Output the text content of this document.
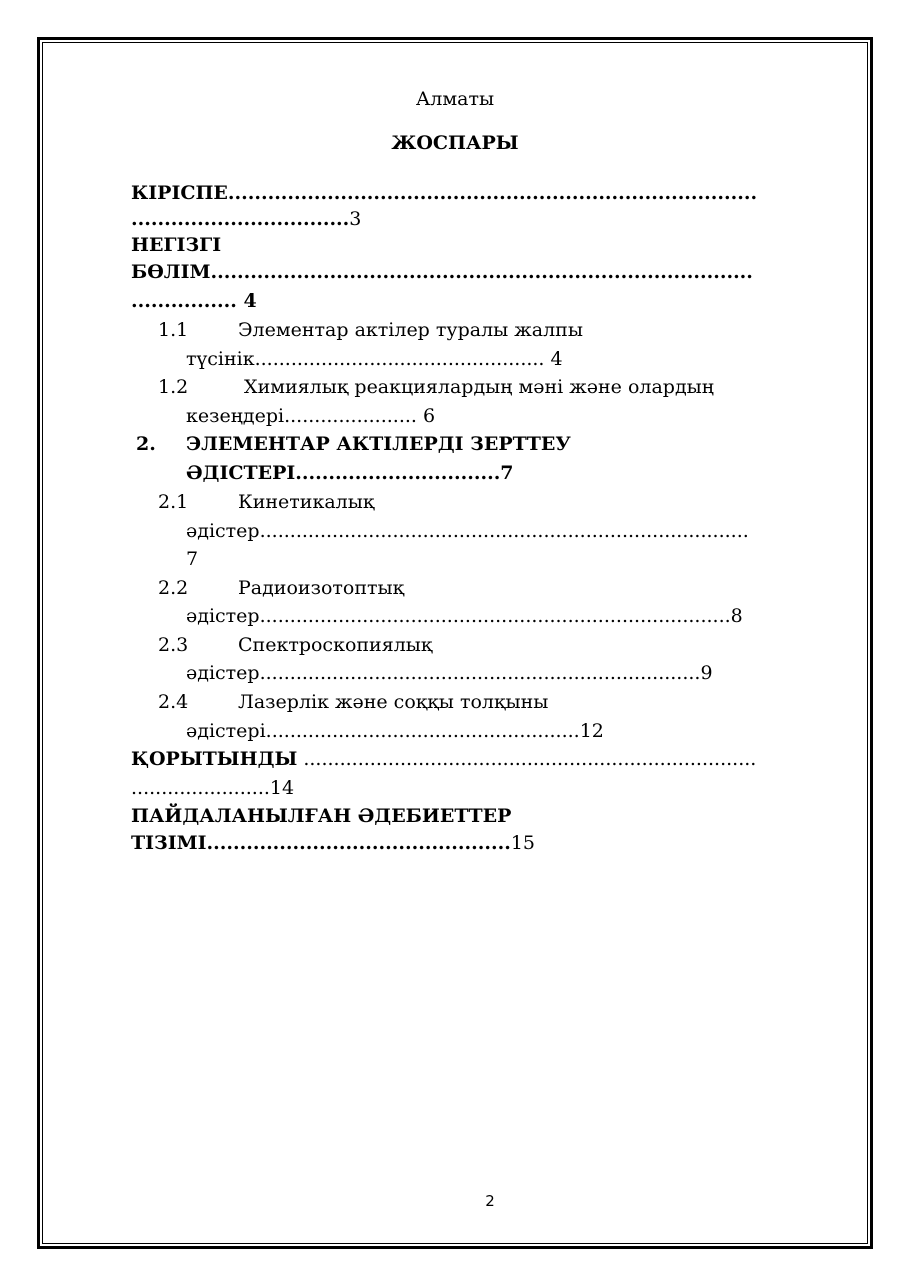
Алматы
ЖОСПАРЫ
КІРІСПЕ................................................................................
.................................3
НЕГІЗГІ
БӨЛІМ..................................................................................
................ 4
1.1	Элементар актілер туралы жалпы
түсінік................................................ 4
1.2	Химиялық реакциялардың мәні және олардың
кезеңдері...................... 6
2. ЭЛЕМЕНТАР АКТІЛЕРДІ ЗЕРТТЕУ
ӘДІСТЕРІ...............................7
2.1	Кинетикалық
әдістер.................................................................................
7
2.2	Радиоизотоптық
әдістер..............................................................................8
2.3	Спектроскопиялық
әдістер.........................................................................9
2.4	Лазерлік және соққы толқыны
әдістері....................................................12
ҚОРЫТЫНДЫ ...........................................................................
.......................14
ПАЙДАЛАНЫЛҒАН ӘДЕБИЕТТЕР
ТІЗІМІ..............................................15
2
